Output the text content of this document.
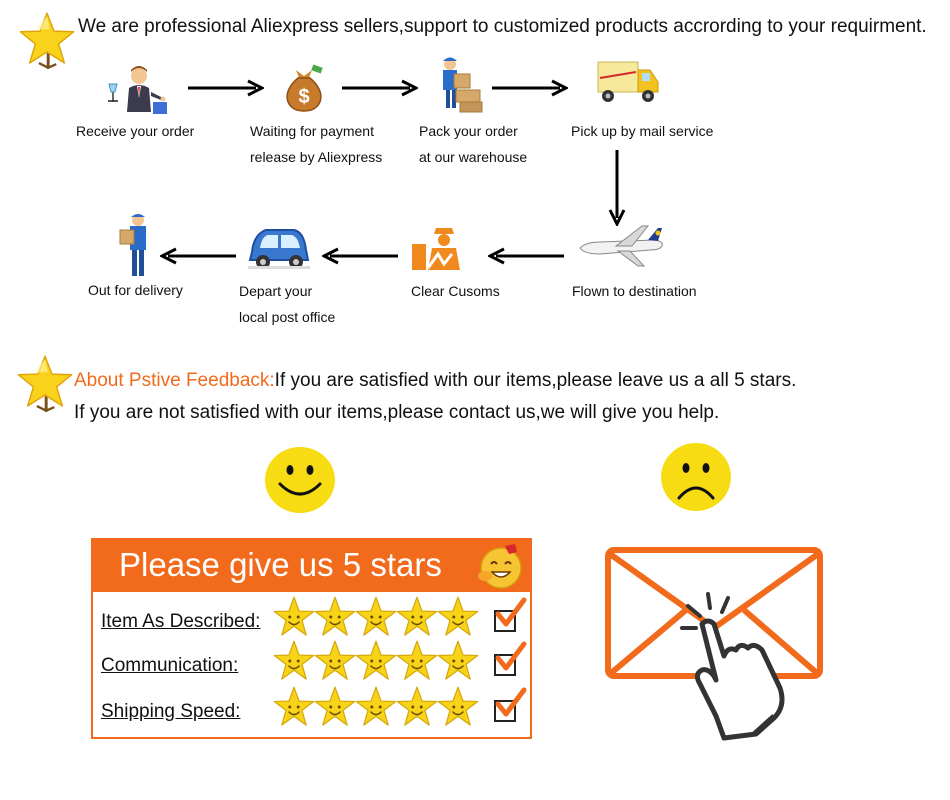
We are professional Aliexpress sellers,support to customized products accrording to your requirment.
$
Receive your order	Waiting for payment
release by Aliexpress
Pack your order
at our warehouse
Pick up by mail service
Flown to destination
Clear Cusoms
Depart your
local post office
Out for delivery
About Pstive Feedback:If you are satisfied with our items,please leave us a all 5 stars.
If you are not satisfied with our items,please contact us,we will give you help.
Please give us 5 stars
Item As Described:
Communication:
Shipping Speed:
